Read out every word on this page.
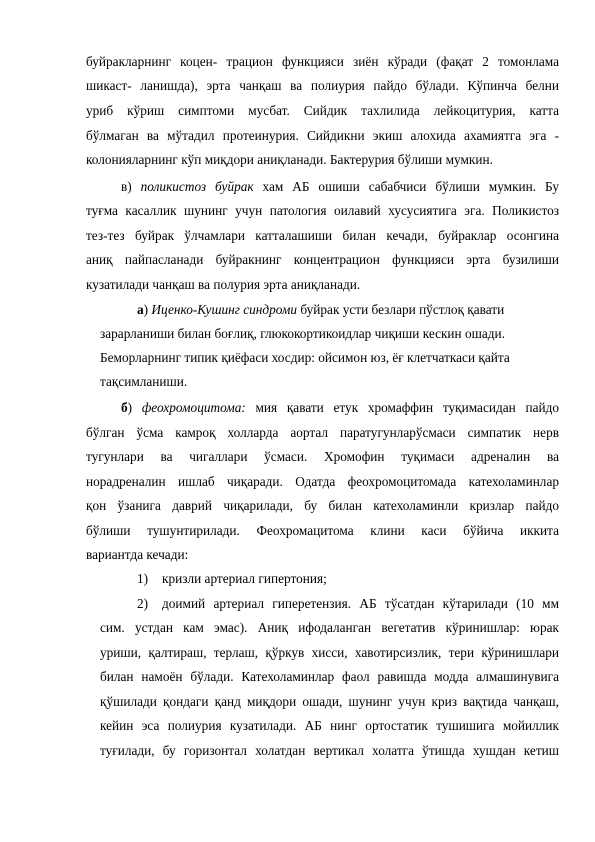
буйракларнинг коцен- трацион функцияси зиён кўради (фақат 2 томонлама

шикаст- ланишда), эрта чанқаш ва полиурия пайдо бўлади. Кўпинча белни

уриб кўриш симптоми мусбат. Сийдик тахлилида лейкоцитурия, катта

бўлмаган ва мўтадил протеинурия. Сийдикни экиш алохида ахамиятга эга -

колонияларнинг кўп миқдори аниқланади. Бактерурия бўлиши мумкин.

в) поликистоз буйрак хам АБ ошиши сабабчиси бўлиши мумкин. Бу

туғма касаллик шунинг учун патология оилавий хусусиятига эга. Поликистоз

тез-тез буйрак ўлчамлари катталашиши билан кечади, буйраклар осонгина

аниқ пайпасланади буйракнинг концентрацион функцияси эрта бузилиши

кузатилади чанқаш ва полурия эрта аниқланади.

а) Иценко-Кушинг синдроми буйрак усти безлари пўстлоқ қавати

зарарланиши билан боғлиқ, глюкокортикоидлар чиқиши кескин ошади.

Беморларнинг типик қиёфаси хосдир: ойсимон юз, ёғ клетчаткаси қайта

тақсимланиши.

б) феохромоцитома: мия қавати етук хромаффин туқимасидан пайдо

бўлган ўсма камроқ холларда аортал паратугунларўсмаси симпатик нерв

тугунлари ва чигаллари ўсмаси. Хромофин туқимаси адреналин ва

норадреналин ишлаб чиқаради. Одатда феохромоцитомада катехоламинлар

қон ўзанига даврий чиқарилади, бу билан катехоламинли кризлар пайдо

бўлиши тушунтирилади. Феохромацитома клини каси бўйича иккита

вариантда кечади:

1)	кризли артериал гипертония;

2)	доимий артериал гиперетензия. АБ тўсатдан кўтарилади (10 мм

сим. устдан кам эмас). Аниқ ифодаланган вегетатив кўринишлар: юрак

уриши, қалтираш, терлаш, қўркув хисси, хавотирсизлик, тери кўринишлари

билан намоён бўлади. Катехоламинлар фаол равишда модда алмашинувига

қўшилади қондаги қанд миқдори ошади, шунинг учун криз вақтида чанқаш,

кейин эса полиурия кузатилади. АБ нинг ортостатик тушишига мойиллик

туғилади, бу горизонтал холатдан вертикал холатга ўтишда хушдан кетиш
